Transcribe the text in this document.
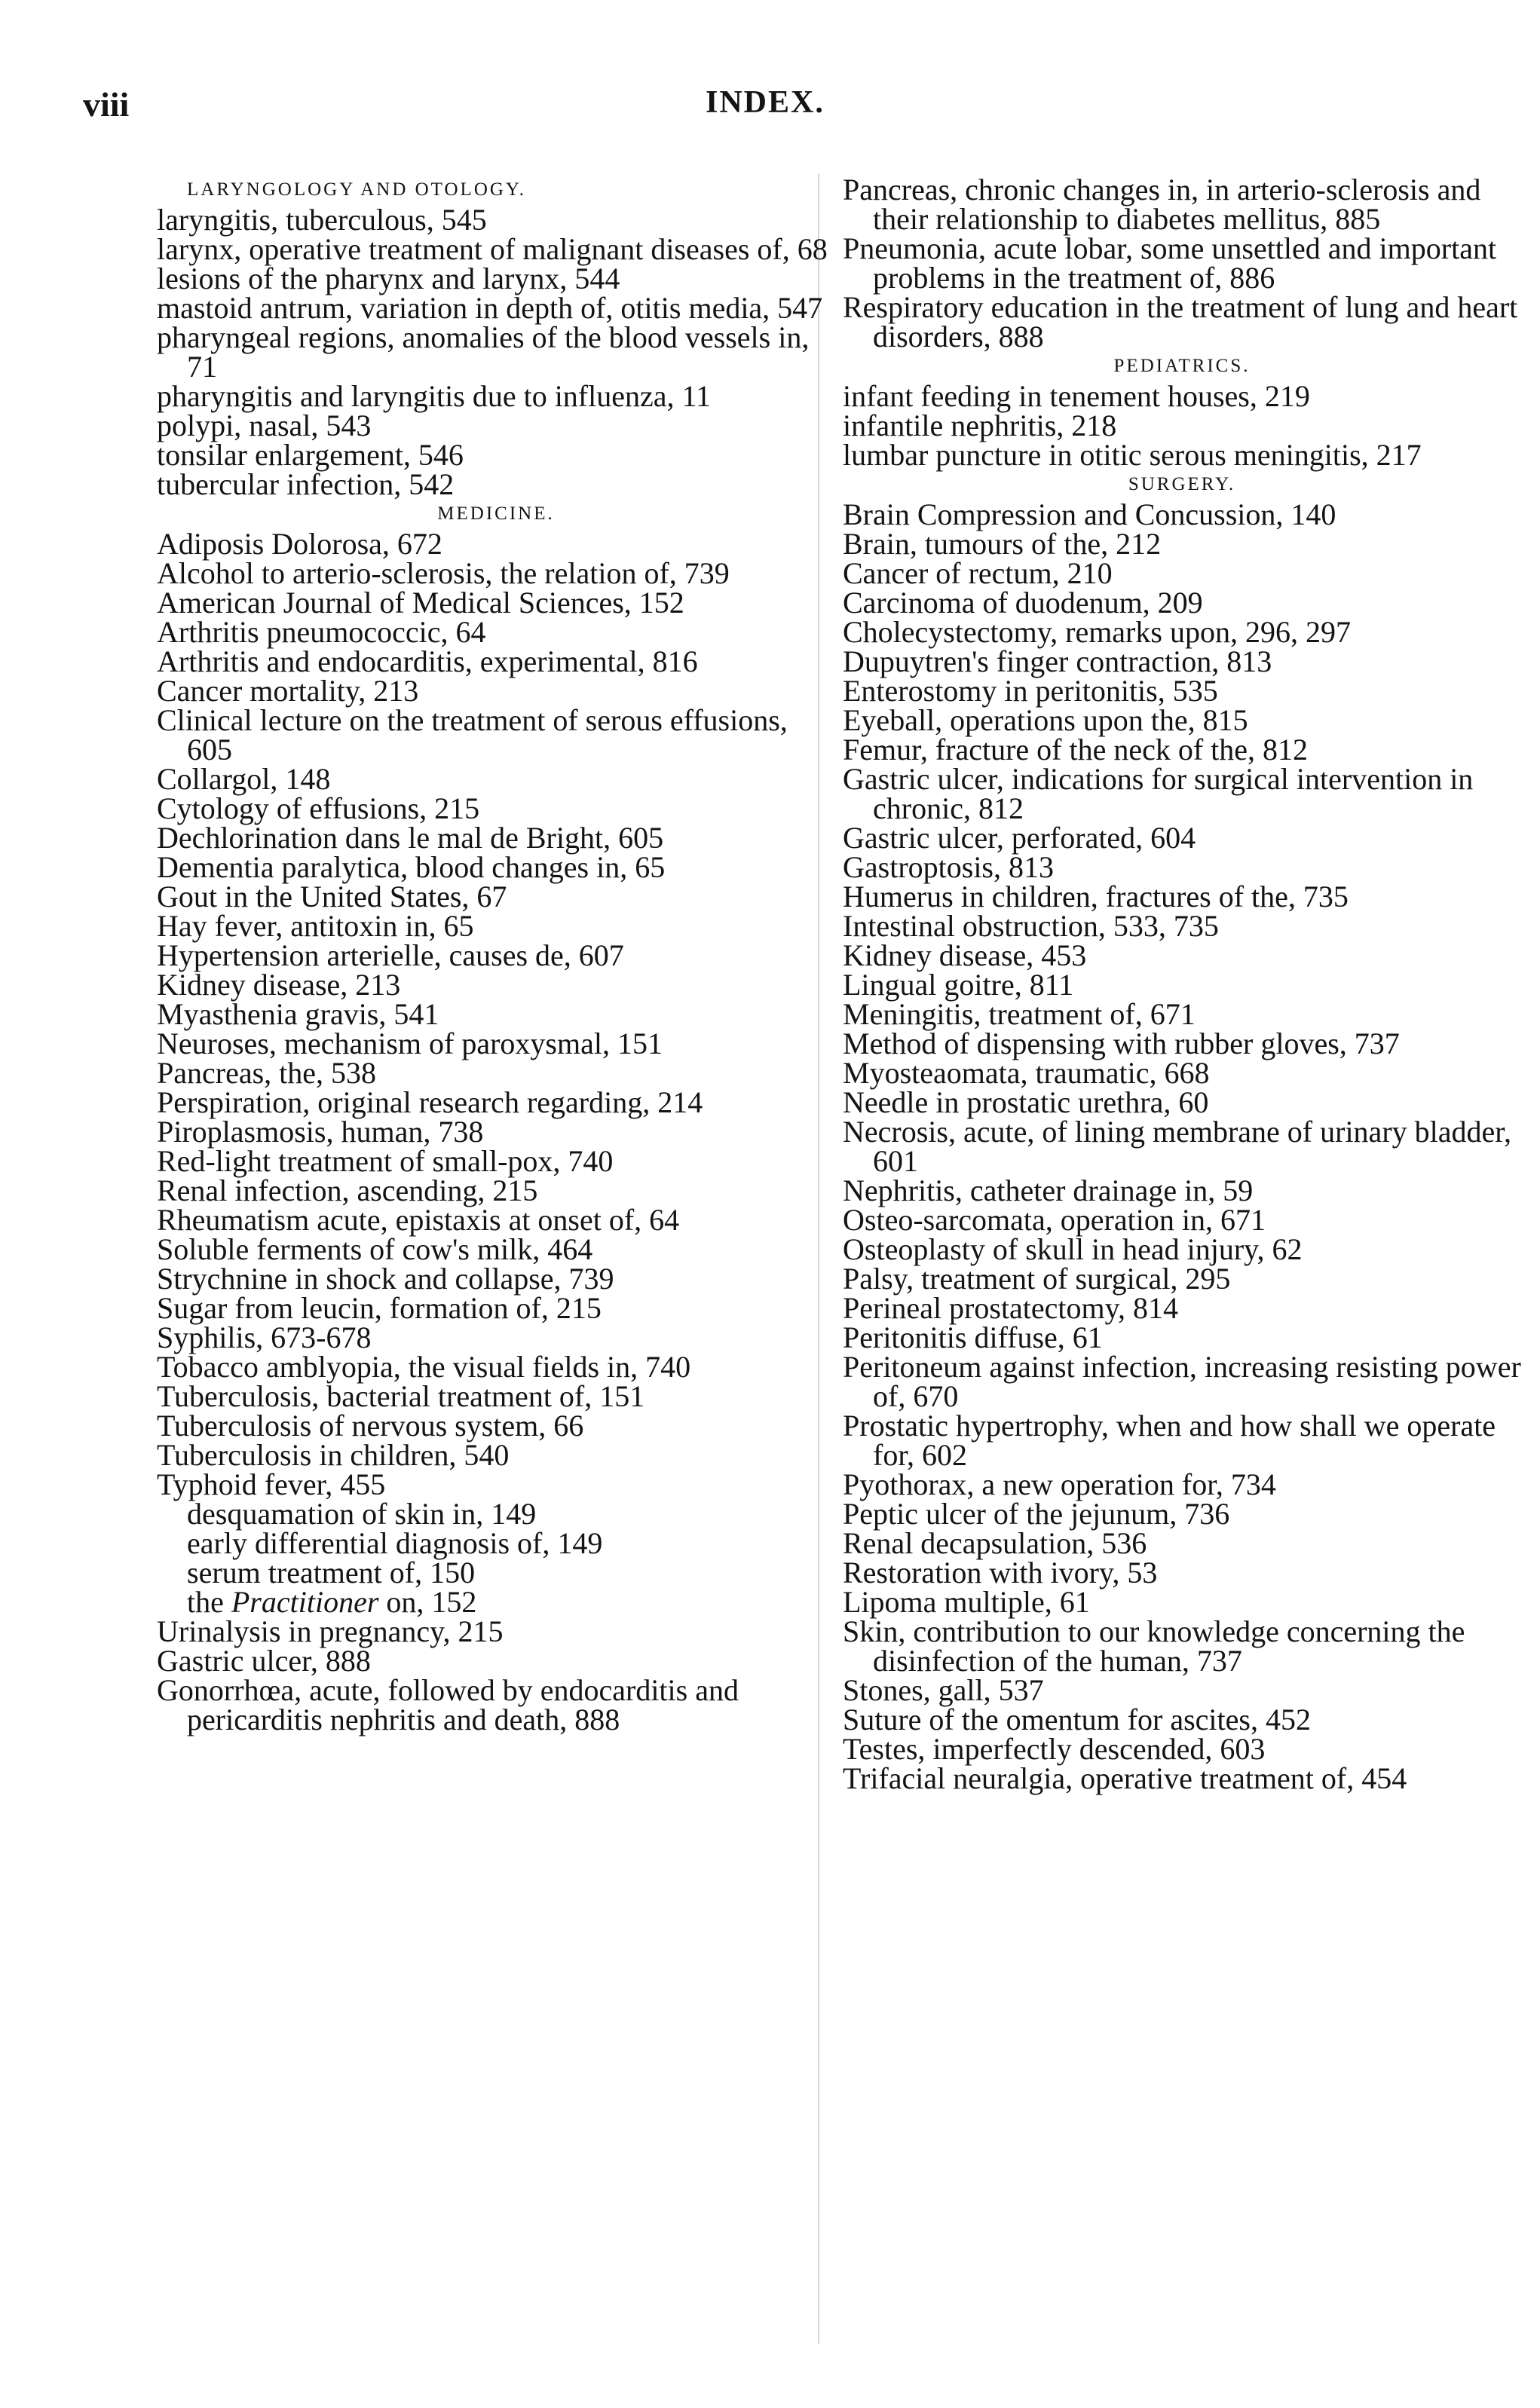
viii	INDEX.
LARYNGOLOGY AND OTOLOGY.
laryngitis, tuberculous, 545
larynx, operative treatment of malignant diseases of, 68
lesions of the pharynx and larynx, 544
mastoid antrum, variation in depth of, otitis media, 547
pharyngeal regions, anomalies of the blood vessels in, 71
pharyngitis and laryngitis due to influenza, 11
polypi, nasal, 543
tonsilar enlargement, 546
tubercular infection, 542
MEDICINE.
Adiposis Dolorosa, 672
Alcohol to arterio-sclerosis, the relation of, 739
American Journal of Medical Sciences, 152
Arthritis pneumococcic, 64
Arthritis and endocarditis, experimental, 816
Cancer mortality, 213
Clinical lecture on the treatment of serous effusions, 605
Collargol, 148
Cytology of effusions, 215
Dechlorination dans le mal de Bright, 605
Dementia paralytica, blood changes in, 65
Gout in the United States, 67
Hay fever, antitoxin in, 65
Hypertension arterielle, causes de, 607
Kidney disease, 213
Myasthenia gravis, 541
Neuroses, mechanism of paroxysmal, 151
Pancreas, the, 538
Perspiration, original research regarding, 214
Piroplasmosis, human, 738
Red-light treatment of small-pox, 740
Renal infection, ascending, 215
Rheumatism acute, epistaxis at onset of, 64
Soluble ferments of cow's milk, 464
Strychnine in shock and collapse, 739
Sugar from leucin, formation of, 215
Syphilis, 673-678
Tobacco amblyopia, the visual fields in, 740
Tuberculosis, bacterial treatment of, 151
Tuberculosis of nervous system, 66
Tuberculosis in children, 540
Typhoid fever, 455
desquamation of skin in, 149
early differential diagnosis of, 149
serum treatment of, 150
the Practitioner on, 152
Urinalysis in pregnancy, 215
Gastric ulcer, 888
Gonorrhœa, acute, followed by endocarditis and pericarditis nephritis and death, 888
Pancreas, chronic changes in, in arterio-sclerosis and their relationship to diabetes mellitus, 885
Pneumonia, acute lobar, some unsettled and important problems in the treatment of, 886
Respiratory education in the treatment of lung and heart disorders, 888
PEDIATRICS.
infant feeding in tenement houses, 219
infantile nephritis, 218
lumbar puncture in otitic serous meningitis, 217
SURGERY.
Brain Compression and Concussion, 140
Brain, tumours of the, 212
Cancer of rectum, 210
Carcinoma of duodenum, 209
Cholecystectomy, remarks upon, 296, 297
Dupuytren's finger contraction, 813
Enterostomy in peritonitis, 535
Eyeball, operations upon the, 815
Femur, fracture of the neck of the, 812
Gastric ulcer, indications for surgical intervention in chronic, 812
Gastric ulcer, perforated, 604
Gastroptosis, 813
Humerus in children, fractures of the, 735
Intestinal obstruction, 533, 735
Kidney disease, 453
Lingual goitre, 811
Meningitis, treatment of, 671
Method of dispensing with rubber gloves, 737
Myosteaomata, traumatic, 668
Needle in prostatic urethra, 60
Necrosis, acute, of lining membrane of urinary bladder, 601
Nephritis, catheter drainage in, 59
Osteo-sarcomata, operation in, 671
Osteoplasty of skull in head injury, 62
Palsy, treatment of surgical, 295
Perineal prostatectomy, 814
Peritonitis diffuse, 61
Peritoneum against infection, increasing resisting power of, 670
Prostatic hypertrophy, when and how shall we operate for, 602
Pyothorax, a new operation for, 734
Peptic ulcer of the jejunum, 736
Renal decapsulation, 536
Restoration with ivory, 53
Lipoma multiple, 61
Skin, contribution to our knowledge concerning the disinfection of the human, 737
Stones, gall, 537
Suture of the omentum for ascites, 452
Testes, imperfectly descended, 603
Trifacial neuralgia, operative treatment of, 454
